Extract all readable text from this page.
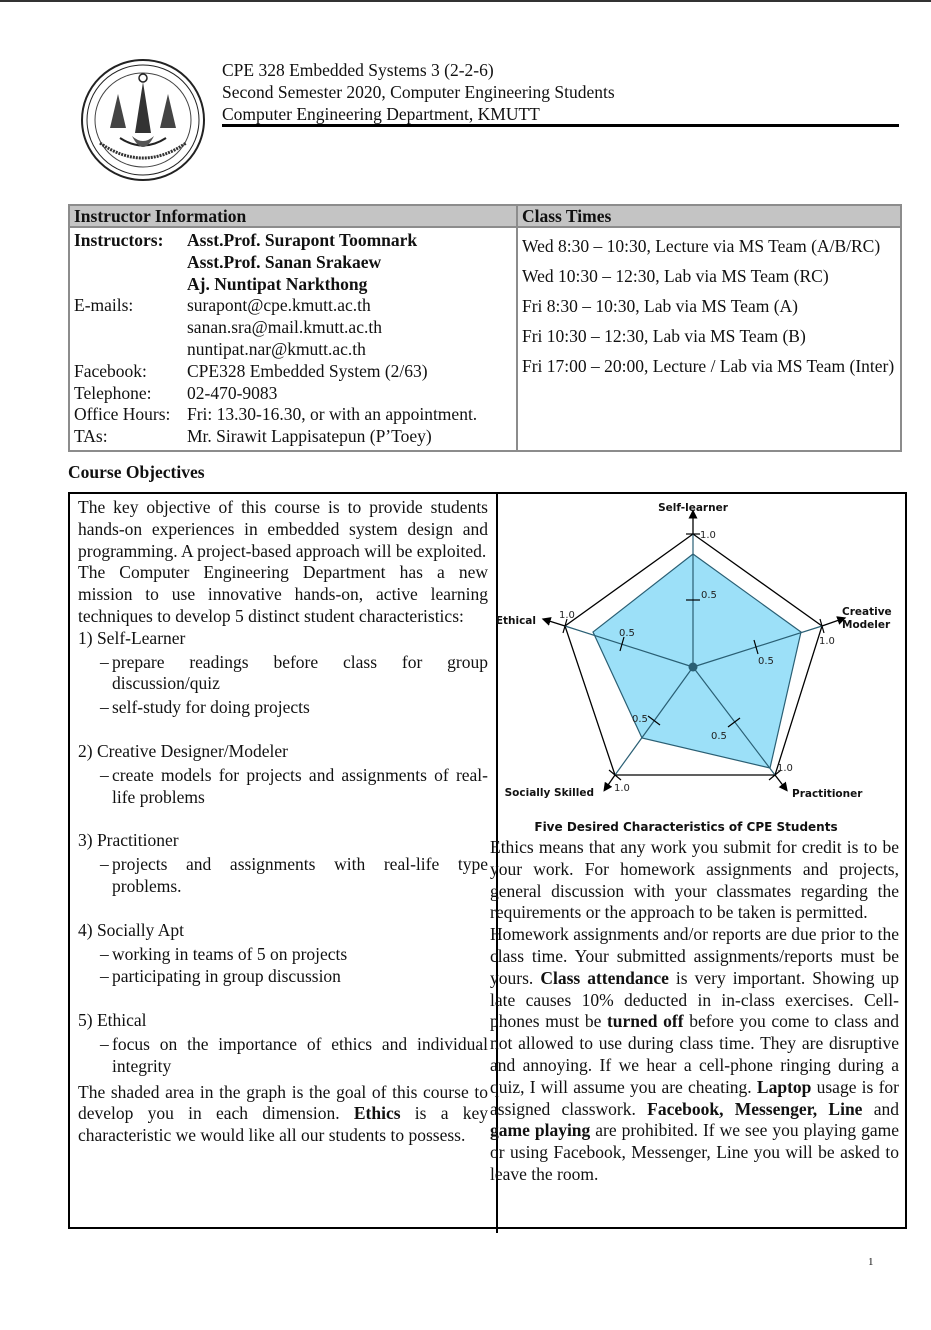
CPE 328 Embedded Systems 3 (2-2-6)
Second Semester 2020, Computer Engineering Students
Computer Engineering Department, KMUTT
Instructor Information	Class Times

Instructors:	Asst.Prof. Surapont Toomnark
Asst.Prof. Sanan Srakaew
Aj. Nuntipat Narkthong
E-mails:	surapont@cpe.kmutt.ac.th
sanan.sra@mail.kmutt.ac.th
nuntipat.nar@kmutt.ac.th
Facebook:	CPE328 Embedded System (2/63)
Telephone:	02-470-9083
Office Hours: Fri: 13.30-16.30, or with an appointment.
TAs:	Mr. Sirawit Lappisatepun (P’Toey)

Wed 8:30 – 10:30, Lecture via MS Team (A/B/RC)
Wed 10:30 – 12:30, Lab via MS Team (RC)
Fri 8:30 – 10:30, Lab via MS Team (A)
Fri 10:30 – 12:30, Lab via MS Team (B)
Fri 17:00 – 20:00, Lecture / Lab via MS Team (Inter)
Course Objectives
The key objective of this course is to provide students hands-on experiences in embedded system design and programming. A project-based approach will be exploited.
The Computer Engineering Department has a new mission to use innovative hands-on, active learning techniques to develop 5 distinct student characteristics:
1) Self-Learner
– prepare readings before class for group discussion/quiz
– self-study for doing projects
2) Creative Designer/Modeler
– create models for projects and assignments of real-life problems
3) Practitioner
– projects and assignments with real-life type problems.
4) Socially Apt
– working in teams of 5 on projects
– participating in group discussion
5) Ethical
– focus on the importance of ethics and individual integrity
The shaded area in the graph is the goal of this course to develop you in each dimension. Ethics is a key characteristic we would like all our students to possess.
1.0
0.5
1.0
0.5
1.0
0.5
1.0
0.5
1.0
0.5
Self-learner
Creative
Modeler
Practitioner
Socially Skilled
Ethical
Five Desired Characteristics of CPE Students
Ethics means that any work you submit for credit is to be your work. For homework assignments and projects, general discussion with your classmates regarding the requirements or the approach to be taken is permitted.
Homework assignments and/or reports are due prior to the class time. Your submitted assignments/reports must be yours. Class attendance is very important. Showing up late causes 10% deducted in in-class exercises. Cell-phones must be turned off before you come to class and not allowed to use during class time. They are disruptive and annoying. If we hear a cell-phone ringing during a quiz, I will assume you are cheating. Laptop usage is for assigned classwork. Facebook, Messenger, Line and game playing are prohibited. If we see you playing game or using Facebook, Messenger, Line you will be asked to leave the room.
1
